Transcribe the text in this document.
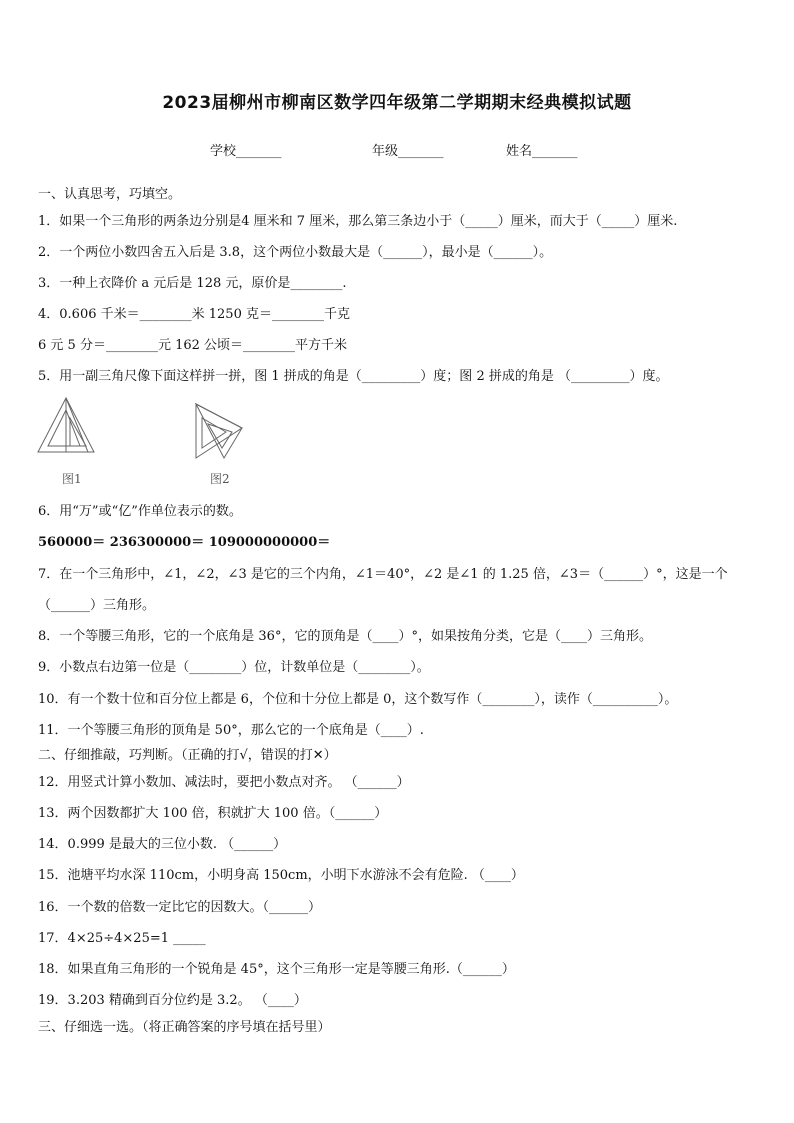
2023届柳州市柳南区数学四年级第二学期期末经典模拟试题
学校_______	年级_______	姓名_______
一、认真思考，巧填空。
1．如果一个三角形的两条边分别是4 厘米和 7 厘米，那么第三条边小于（_____）厘米，而大于（_____）厘米.
2．一个两位小数四舍五入后是 3.8，这个两位小数最大是（______），最小是（______）。
3．一种上衣降价 a 元后是 128 元，原价是________.
4．0.606 千米＝________米 1250 克＝________千克
6 元 5 分＝________元 162 公顷＝________平方千米
5．用一副三角尺像下面这样拼一拼，图 1 拼成的角是（_________）度；图 2 拼成的角是 （_________）度。
图1	图2
6．用“万”或“亿”作单位表示的数。
560000＝ 236300000＝ 109000000000＝
7．在一个三角形中，∠1，∠2，∠3 是它的三个内角，∠1＝40°，∠2 是∠1 的 1.25 倍，∠3＝（______）°，这是一个
（______）三角形。
8．一个等腰三角形，它的一个底角是 36°，它的顶角是（____）°，如果按角分类，它是（____）三角形。
9．小数点右边第一位是（________）位，计数单位是（________）。
10．有一个数十位和百分位上都是 6，个位和十分位上都是 0，这个数写作（________），读作（__________）。
11．一个等腰三角形的顶角是 50°，那么它的一个底角是（____）.
二、仔细推敲，巧判断。（正确的打√，错误的打✕）
12．用竖式计算小数加、减法时，要把小数点对齐。 （______）
13．两个因数都扩大 100 倍，积就扩大 100 倍。（______）
14．0.999 是最大的三位小数. （______）
15．池塘平均水深 110cm，小明身高 150cm，小明下水游泳不会有危险. （____）
16．一个数的倍数一定比它的因数大。（______）
17．4×25÷4×25=1 _____
18．如果直角三角形的一个锐角是 45°，这个三角形一定是等腰三角形.（______）
19．3.203 精确到百分位约是 3.2。 （____）
三、仔细选一选。（将正确答案的序号填在括号里）
